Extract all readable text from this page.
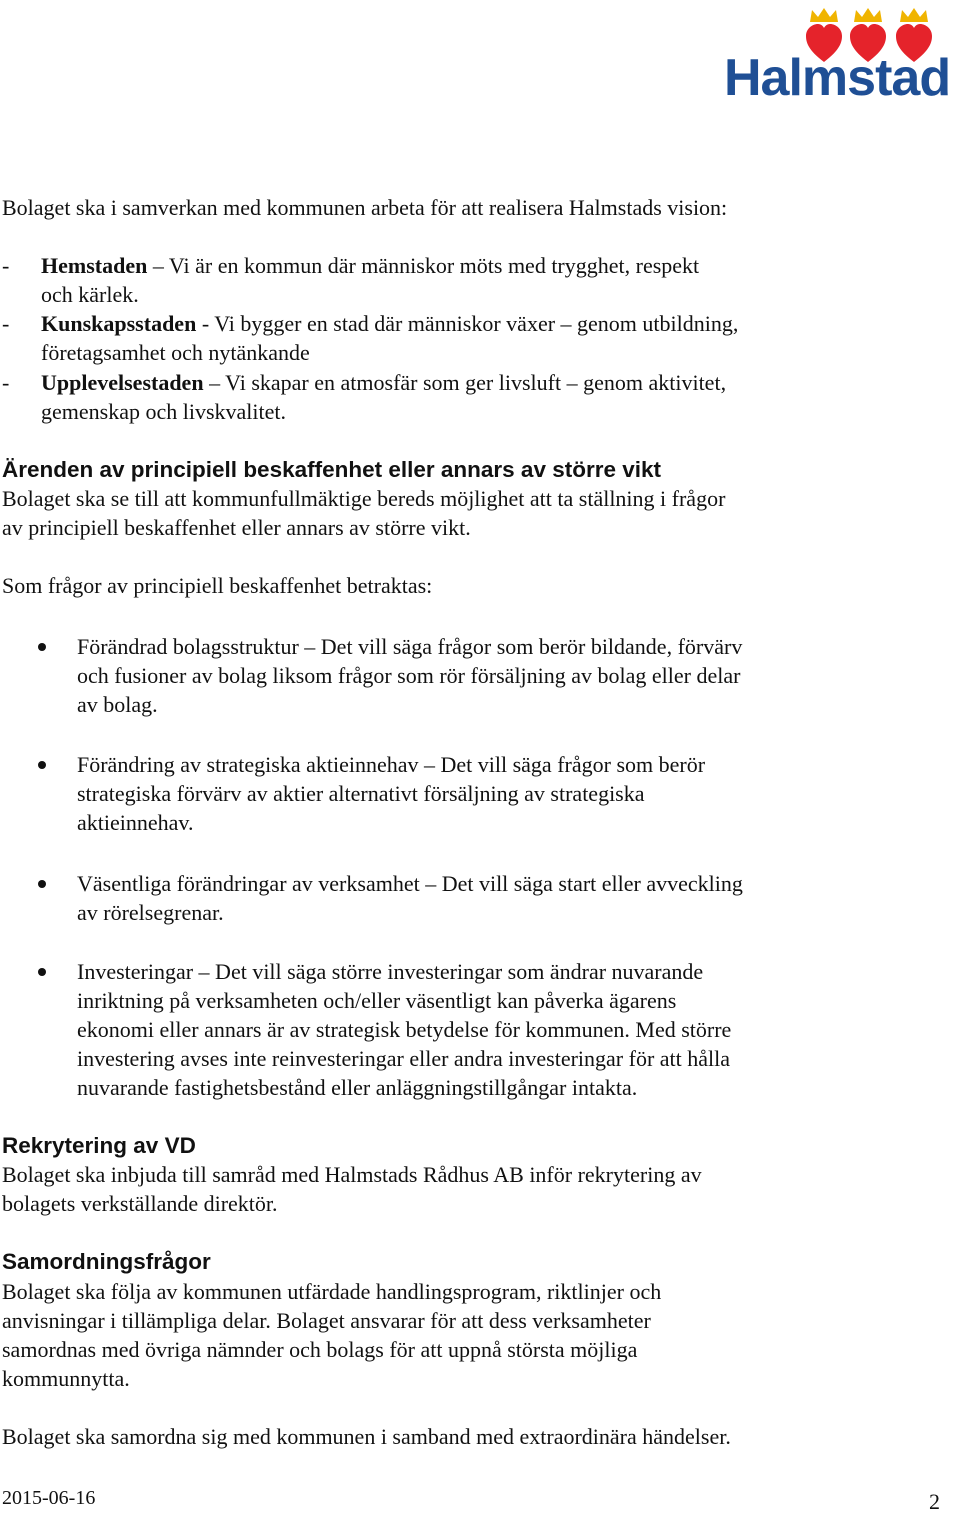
Halmstad

Bolaget ska i samverkan med kommunen arbeta för att realisera Halmstads vision:

- Hemstaden – Vi är en kommun där människor möts med trygghet, respekt
och kärlek.
- Kunskapsstaden - Vi bygger en stad där människor växer – genom utbildning,
företagsamhet och nytänkande
- Upplevelsestaden – Vi skapar en atmosfär som ger livsluft – genom aktivitet,
gemenskap och livskvalitet.
Ärenden av principiell beskaffenhet eller annars av större vikt

Bolaget ska se till att kommunfullmäktige bereds möjlighet att ta ställning i frågor

av principiell beskaffenhet eller annars av större vikt.

Som frågor av principiell beskaffenhet betraktas:

Förändrad bolagsstruktur – Det vill säga frågor som berör bildande, förvärv
och fusioner av bolag liksom frågor som rör försäljning av bolag eller delar
av bolag.
Förändring av strategiska aktieinnehav – Det vill säga frågor som berör
strategiska förvärv av aktier alternativt försäljning av strategiska
aktieinnehav.
Väsentliga förändringar av verksamhet – Det vill säga start eller avveckling
av rörelsegrenar.
Investeringar – Det vill säga större investeringar som ändrar nuvarande
inriktning på verksamheten och/eller väsentligt kan påverka ägarens
ekonomi eller annars är av strategisk betydelse för kommunen. Med större
investering avses inte reinvesteringar eller andra investeringar för att hålla
nuvarande fastighetsbestånd eller anläggningstillgångar intakta.
Rekrytering av VD

Bolaget ska inbjuda till samråd med Halmstads Rådhus AB inför rekrytering av

bolagets verkställande direktör.

Samordningsfrågor

Bolaget ska följa av kommunen utfärdade handlingsprogram, riktlinjer och

anvisningar i tillämpliga delar. Bolaget ansvarar för att dess verksamheter

samordnas med övriga nämnder och bolags för att uppnå största möjliga

kommunnytta.

Bolaget ska samordna sig med kommunen i samband med extraordinära händelser.

2015-06-16	2
